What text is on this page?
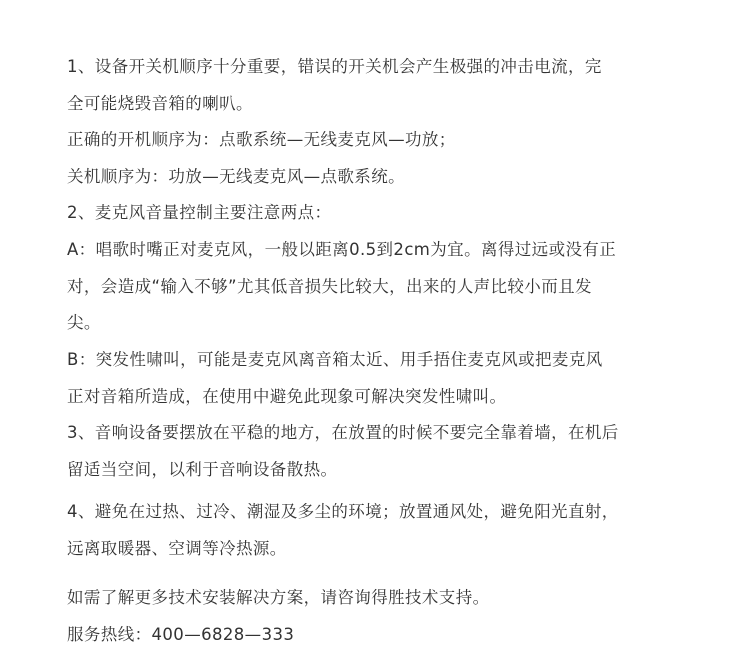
1、设备开关机顺序十分重要，错误的开关机会产生极强的冲击电流，完
全可能烧毁音箱的喇叭。

正确的开机顺序为：点歌系统—无线麦克风—功放；

关机顺序为：功放—无线麦克风—点歌系统。

2、麦克风音量控制主要注意两点：

A：唱歌时嘴正对麦克风，一般以距离0.5到2cm为宜。离得过远或没有正
对，会造成“输入不够”尤其低音损失比较大，出来的人声比较小而且发
尖。

B：突发性啸叫，可能是麦克风离音箱太近、用手捂住麦克风或把麦克风
正对音箱所造成，在使用中避免此现象可解决突发性啸叫。

3、音响设备要摆放在平稳的地方，在放置的时候不要完全靠着墙，在机后
留适当空间，以利于音响设备散热。

4、避免在过热、过冷、潮湿及多尘的环境；放置通风处，避免阳光直射，
远离取暖器、空调等冷热源。

如需了解更多技术安装解决方案，请咨询得胜技术支持。

服务热线：400—6828—333
